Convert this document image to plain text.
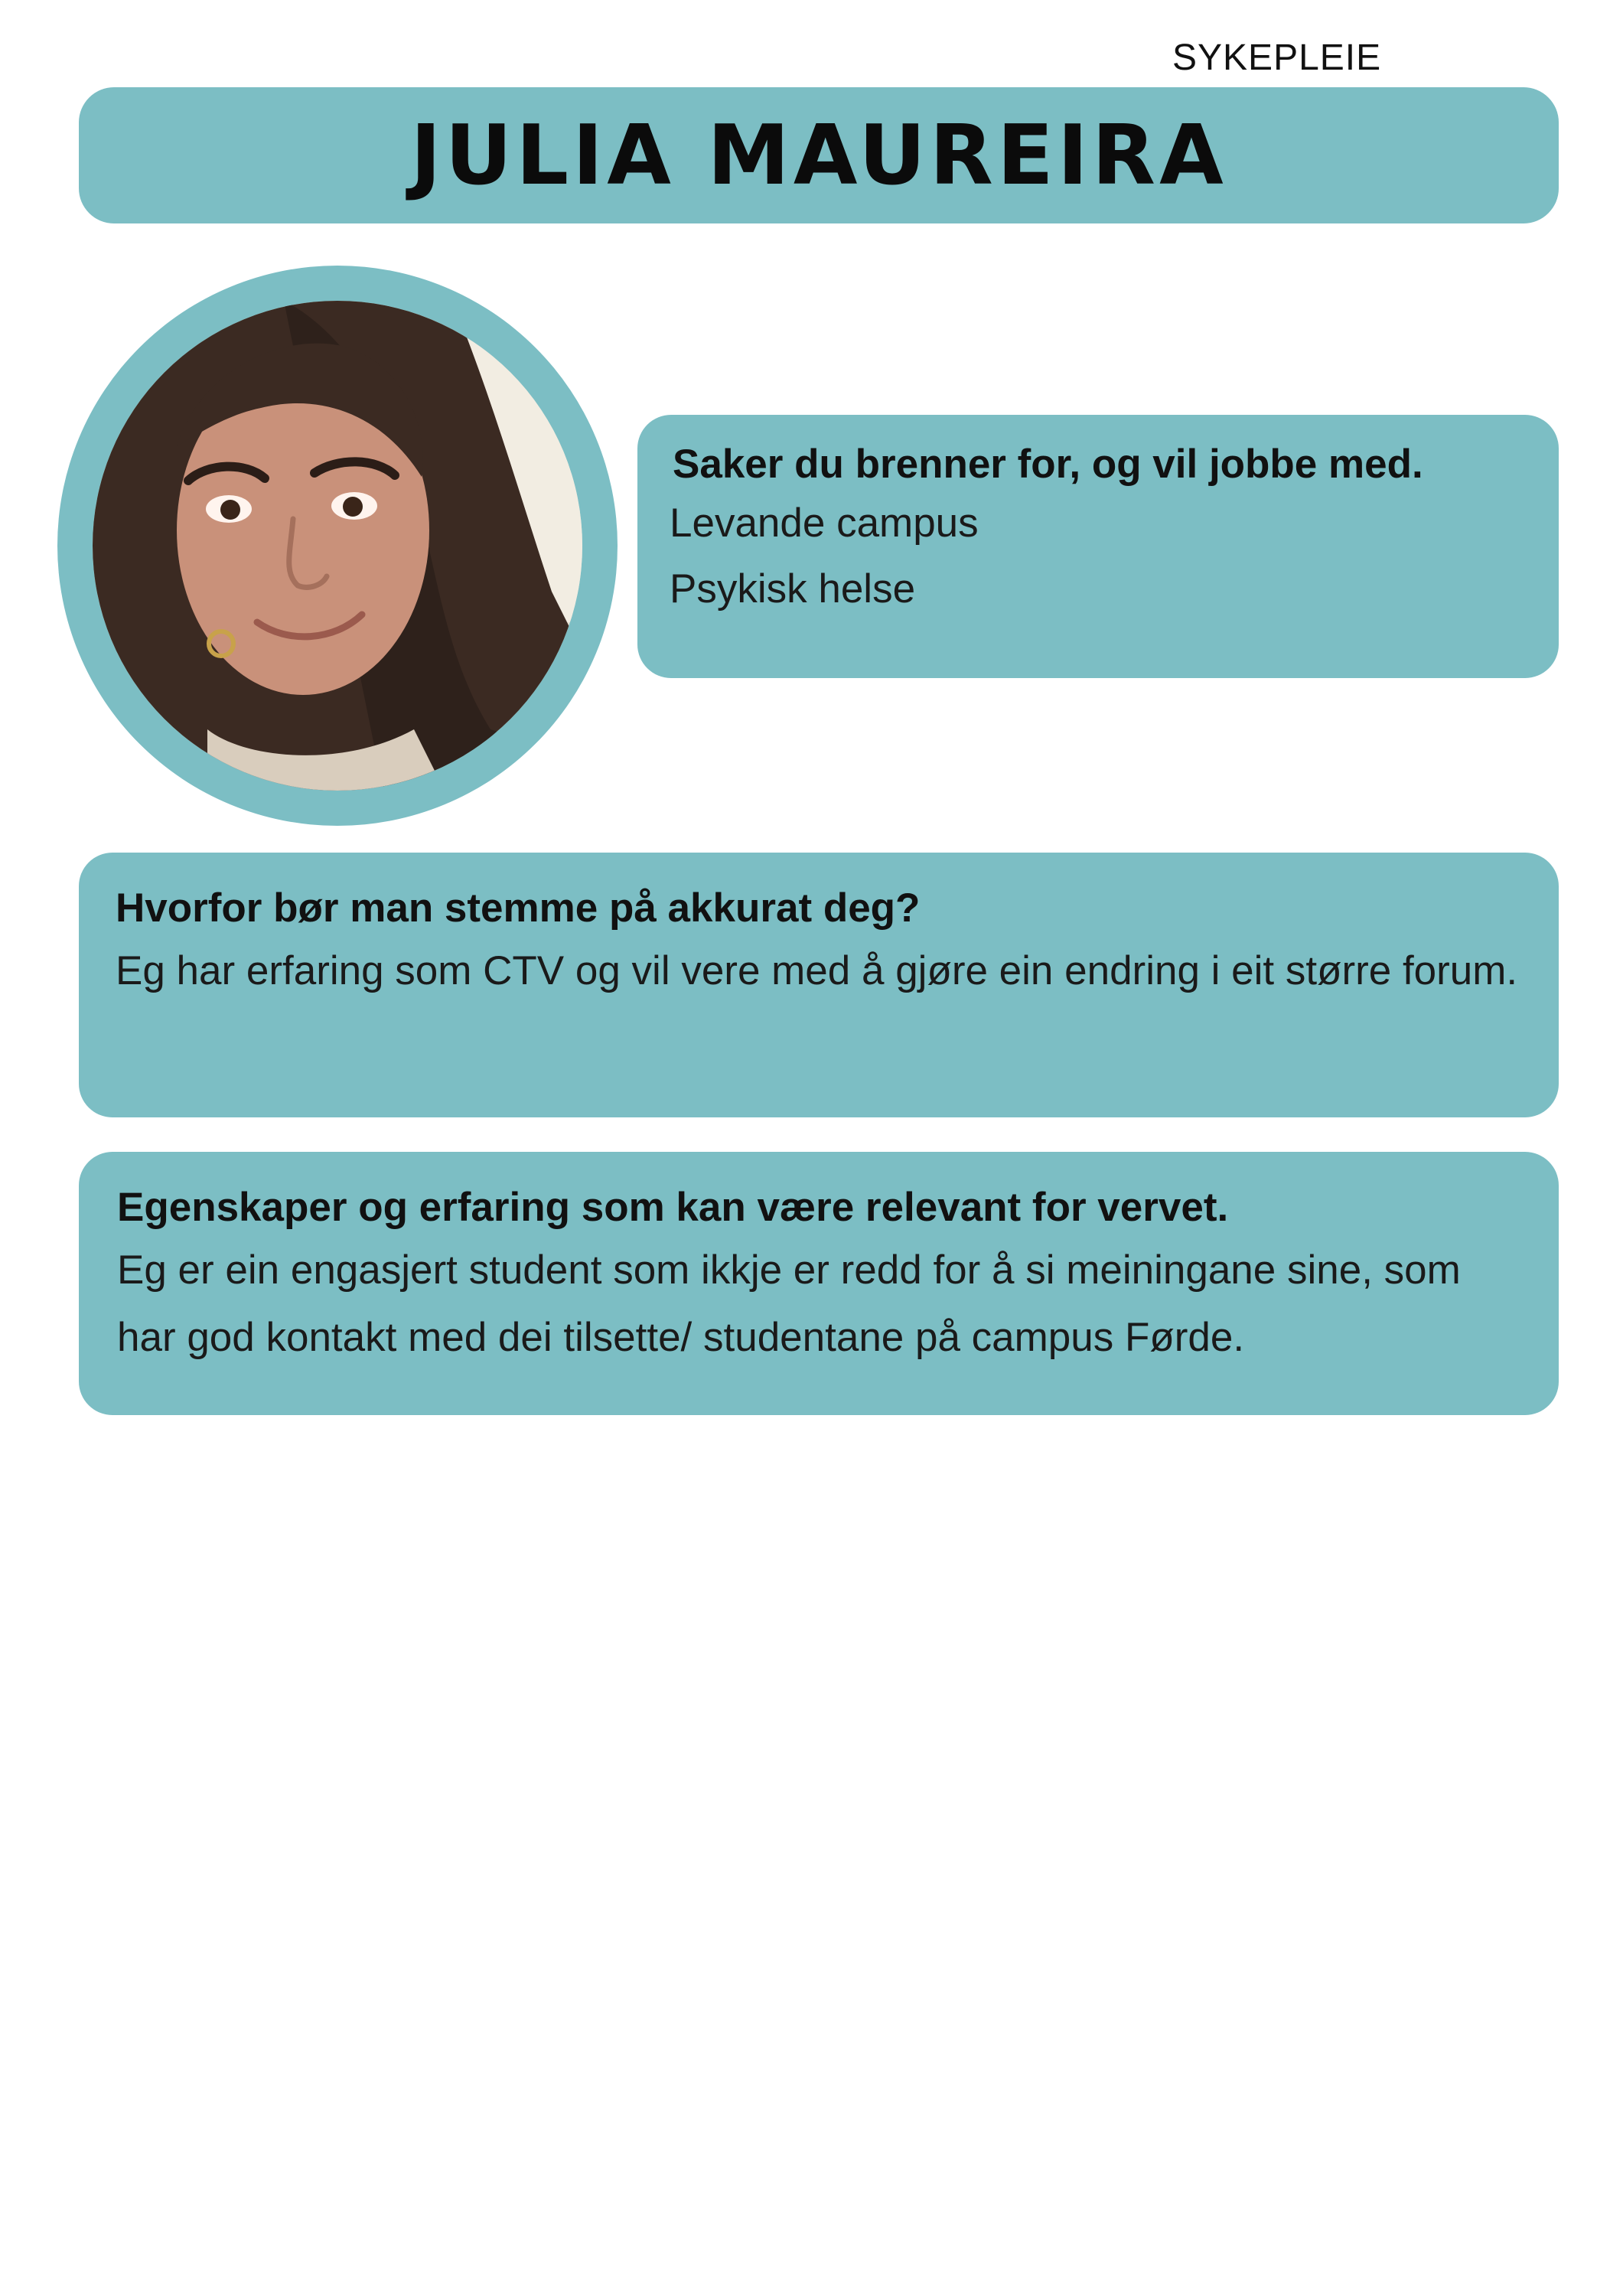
SYKEPLEIE
JULIA MAUREIRA
Saker du brenner for, og vil jobbe med.

Levande campus

Psykisk helse

Hvorfor bør man stemme på akkurat deg?

Eg har erfaring som CTV og vil vere med å gjøre ein endring i eit større forum.

Egenskaper og erfaring som kan være relevant for vervet.

Eg er ein engasjert student som ikkje er redd for å si meiningane sine, som har god kontakt med dei tilsette/ studentane på campus Førde.
